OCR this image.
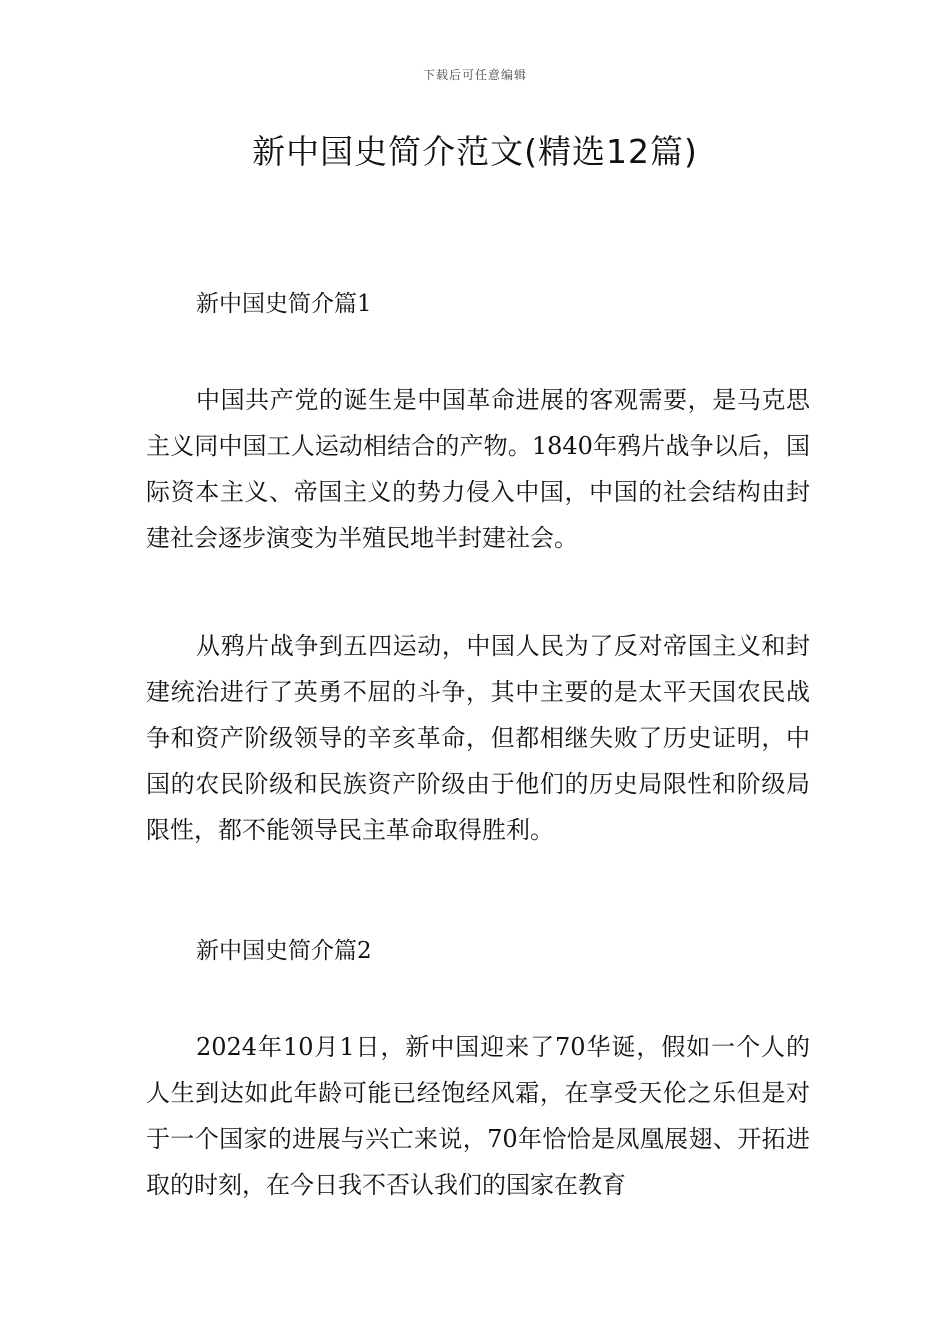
下载后可任意编辑
新中国史简介范文(精选12篇)
新中国史简介篇1

中国共产党的诞生是中国革命进展的客观需要，是马克思主义同中国工人运动相结合的产物。1840年鸦片战争以后，国际资本主义、帝国主义的势力侵入中国，中国的社会结构由封建社会逐步演变为半殖民地半封建社会。

从鸦片战争到五四运动，中国人民为了反对帝国主义和封建统治进行了英勇不屈的斗争，其中主要的是太平天国农民战争和资产阶级领导的辛亥革命，但都相继失败了历史证明，中国的农民阶级和民族资产阶级由于他们的历史局限性和阶级局限性，都不能领导民主革命取得胜利。

新中国史简介篇2

2024年10月1日，新中国迎来了70华诞，假如一个人的人生到达如此年龄可能已经饱经风霜，在享受天伦之乐但是对于一个国家的进展与兴亡来说，70年恰恰是凤凰展翅、开拓进取的时刻，在今日我不否认我们的国家在教育
